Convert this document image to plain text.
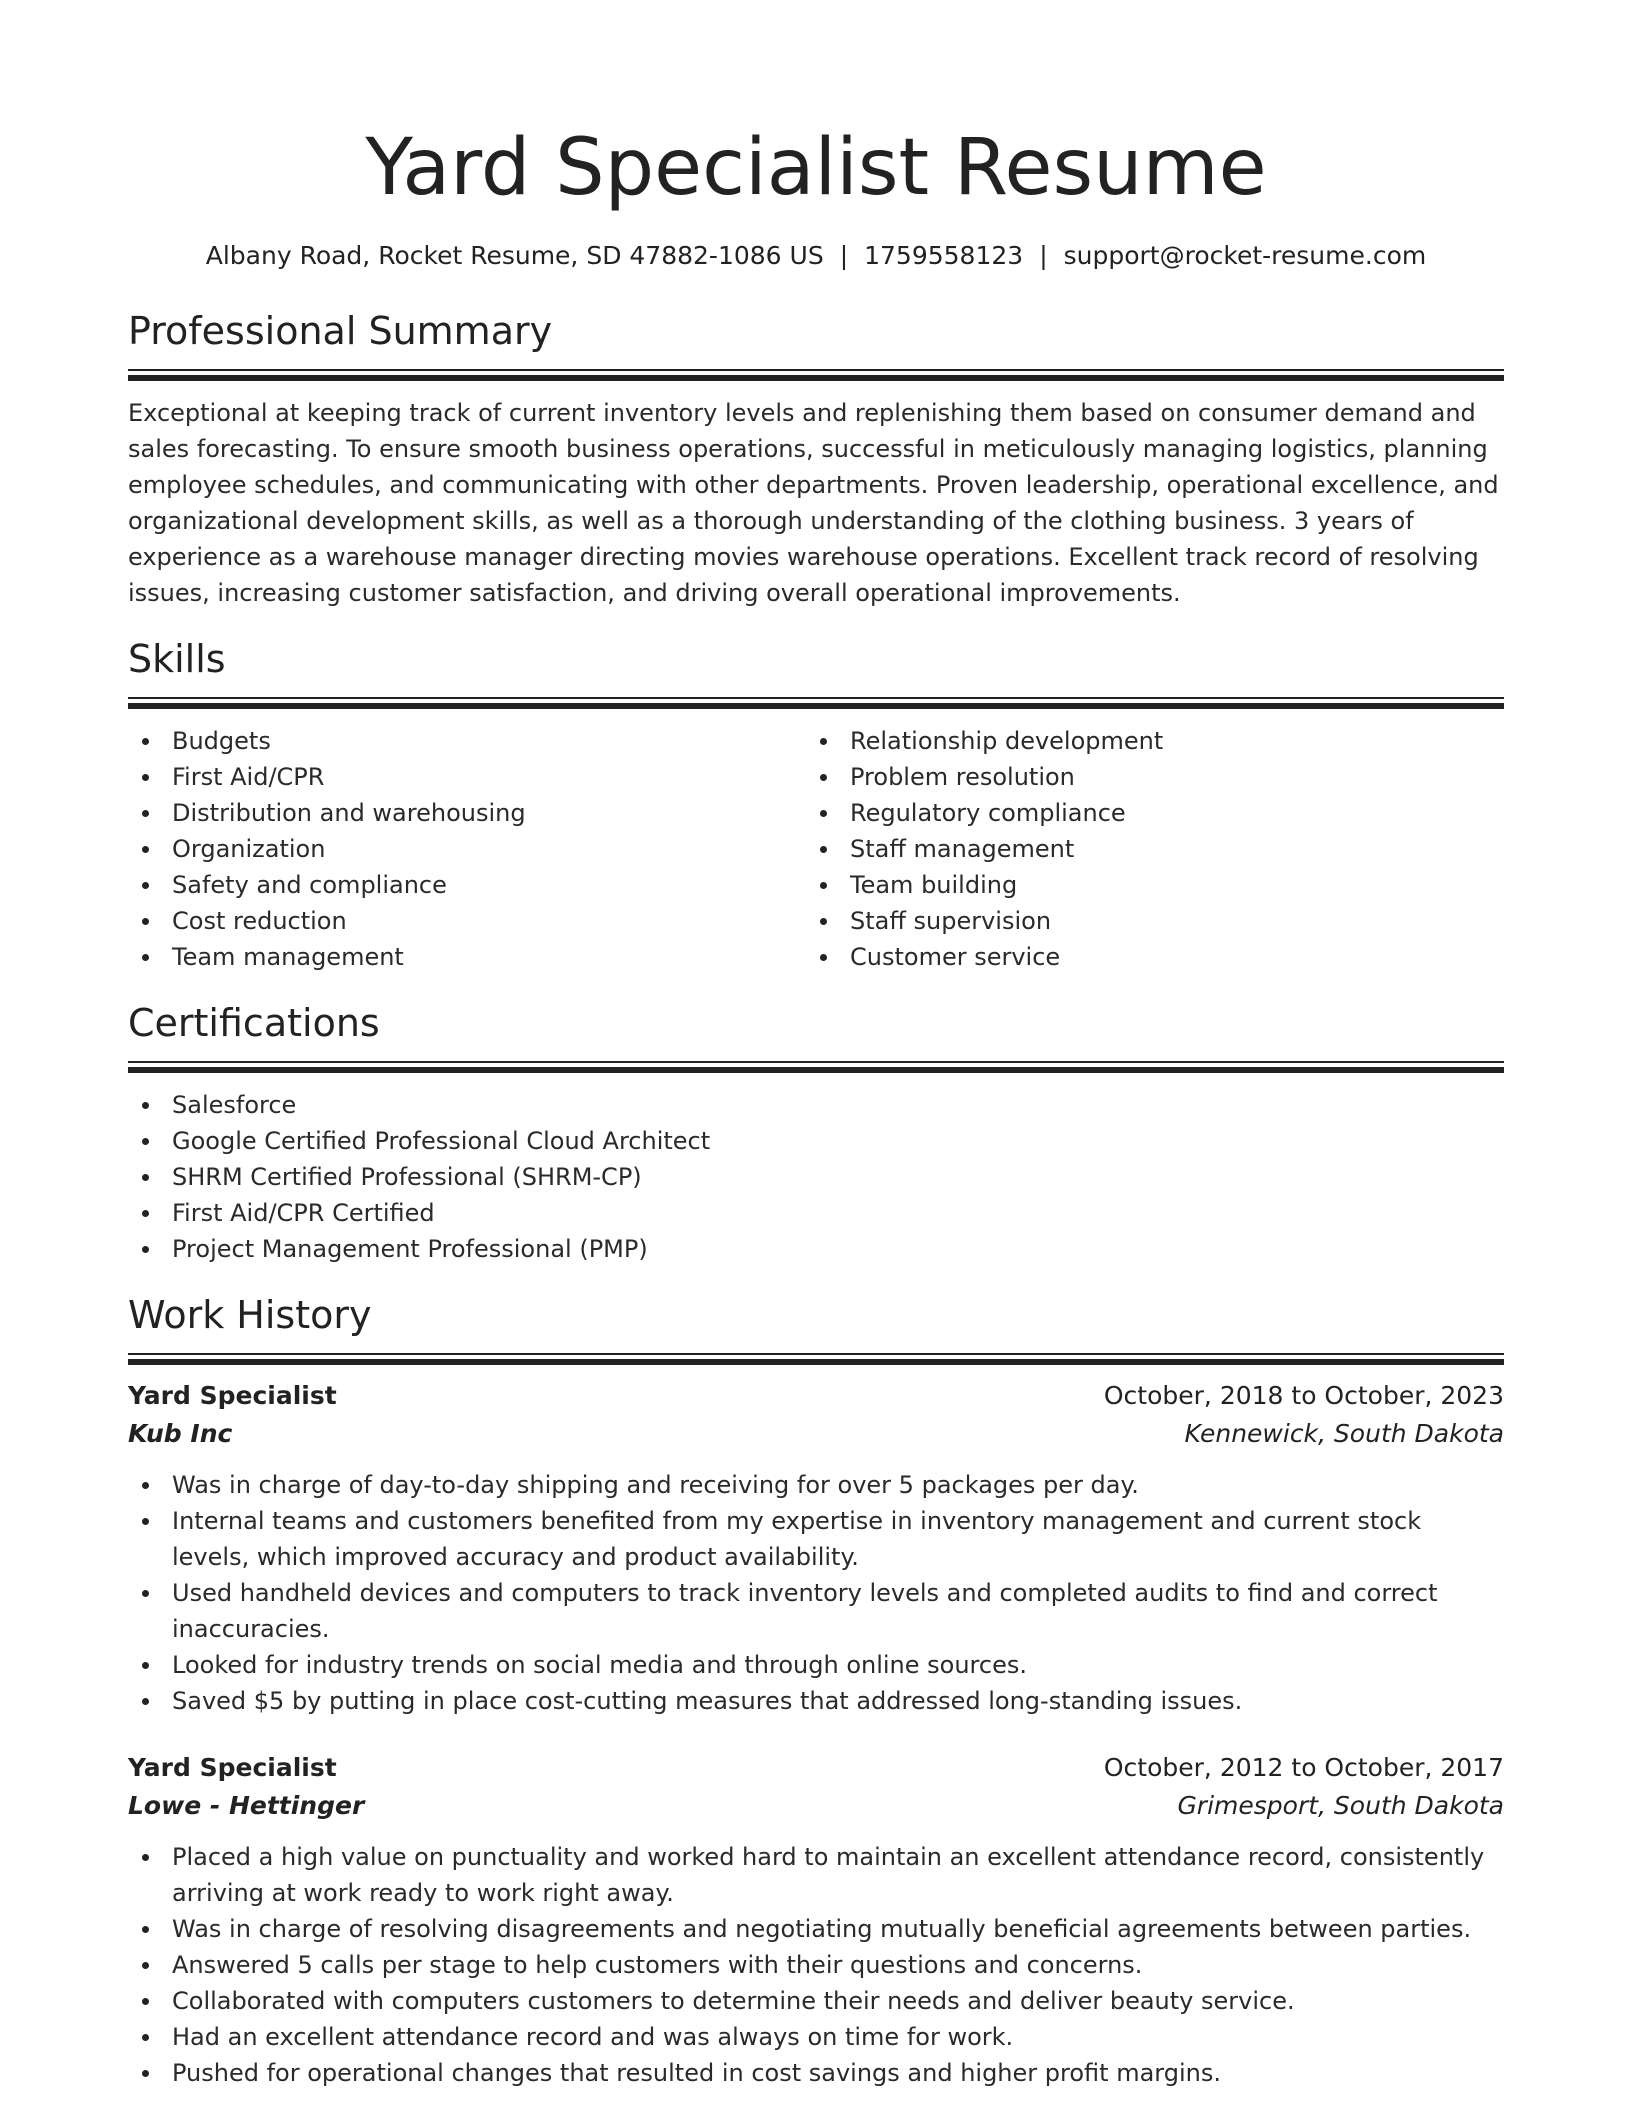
Yard Specialist Resume
Albany Road, Rocket Resume, SD 47882-1086 US | 1759558123 | support@rocket-resume.com
Professional Summary

Exceptional at keeping track of current inventory levels and replenishing them based on consumer demand and sales forecasting. To ensure smooth business operations, successful in meticulously managing logistics, planning employee schedules, and communicating with other departments. Proven leadership, operational excellence, and organizational development skills, as well as a thorough understanding of the clothing business. 3 years of experience as a warehouse manager directing movies warehouse operations. Excellent track record of resolving issues, increasing customer satisfaction, and driving overall operational improvements.

Skills
Budgets
First Aid/CPR
Distribution and warehousing
Organization
Safety and compliance
Cost reduction
Team management
Relationship development
Problem resolution
Regulatory compliance
Staff management
Team building
Staff supervision
Customer service
Certifications
Salesforce
Google Certified Professional Cloud Architect
SHRM Certified Professional (SHRM-CP)
First Aid/CPR Certified
Project Management Professional (PMP)
Work History
Yard Specialist	October, 2018 to October, 2023
Kub Inc	Kennewick, South Dakota
Was in charge of day-to-day shipping and receiving for over 5 packages per day.
Internal teams and customers benefited from my expertise in inventory management and current stock levels, which improved accuracy and product availability.
Used handheld devices and computers to track inventory levels and completed audits to find and correct inaccuracies.
Looked for industry trends on social media and through online sources.
Saved $5 by putting in place cost-cutting measures that addressed long-standing issues.
Yard Specialist	October, 2012 to October, 2017
Lowe - Hettinger	Grimesport, South Dakota
Placed a high value on punctuality and worked hard to maintain an excellent attendance record, consistently arriving at work ready to work right away.
Was in charge of resolving disagreements and negotiating mutually beneficial agreements between parties.
Answered 5 calls per stage to help customers with their questions and concerns.
Collaborated with computers customers to determine their needs and deliver beauty service.
Had an excellent attendance record and was always on time for work.
Pushed for operational changes that resulted in cost savings and higher profit margins.
